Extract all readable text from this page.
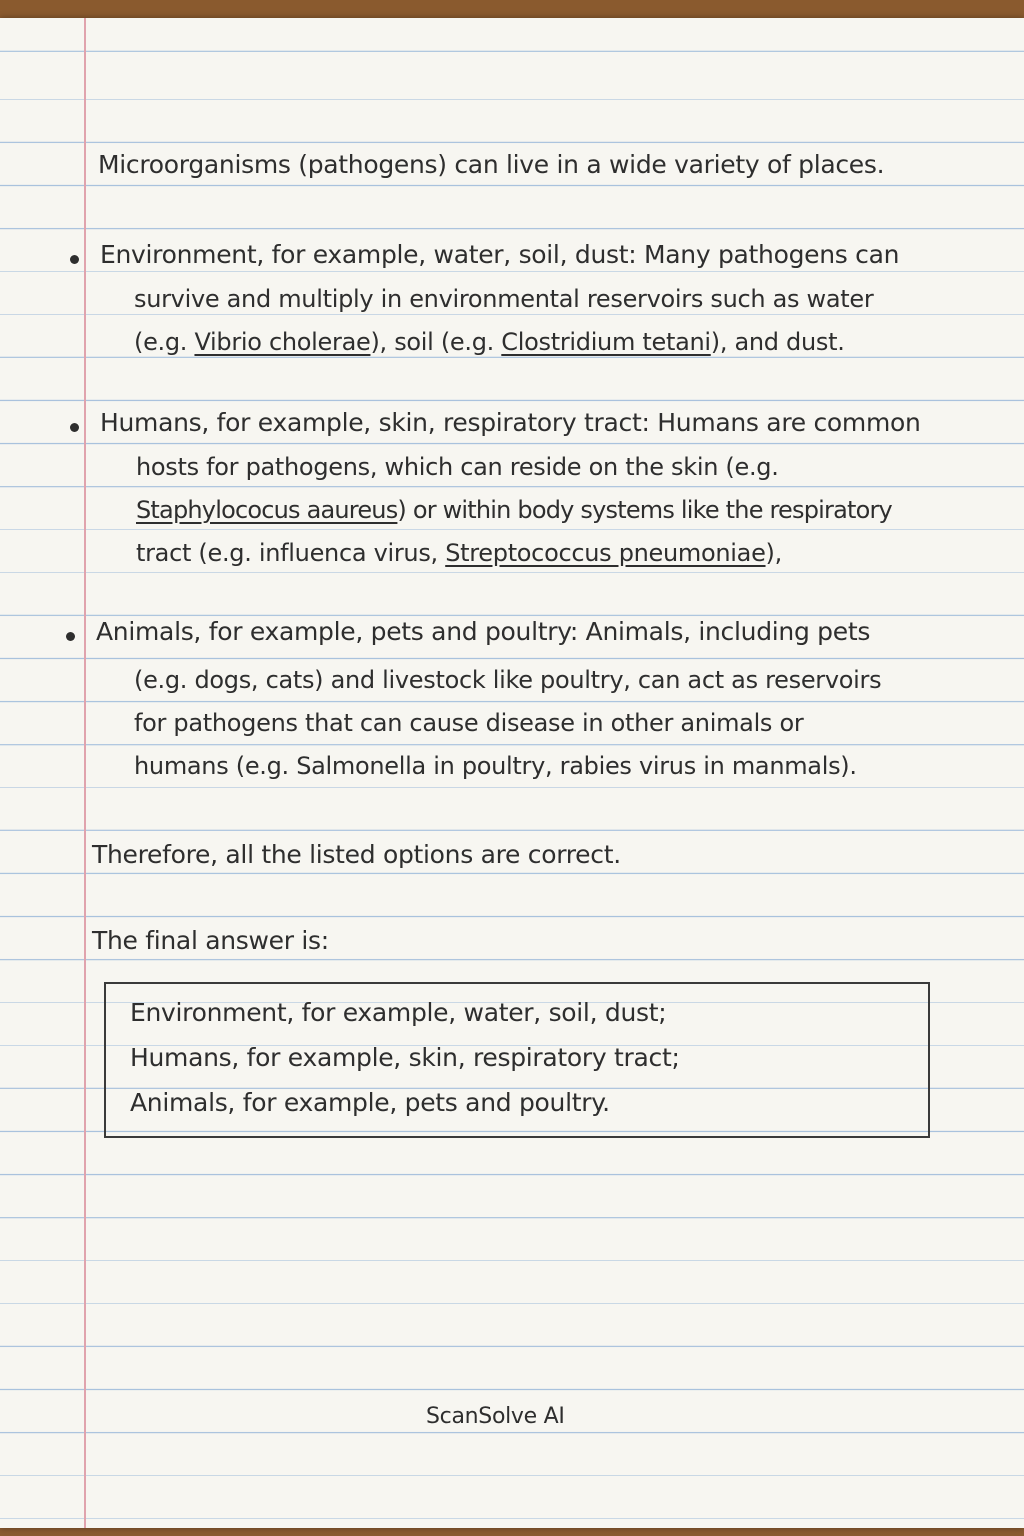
Microorganisms (pathogens) can live in a wide variety of places.
Environment, for example, water, soil, dust: Many pathogens can
survive and multiply in environmental reservoirs such as water
(e.g. Vibrio cholerae), soil (e.g. Clostridium tetani), and dust.
Humans, for example, skin, respiratory tract: Humans are common
hosts for pathogens, which can reside on the skin (e.g.
Staphylococus aaureus) or within body systems like the respiratory
tract (e.g. influenca virus, Streptococcus pneumoniae),
Animals, for example, pets and poultry: Animals, including pets
(e.g. dogs, cats) and livestock like poultry, can act as reservoirs
for pathogens that can cause disease in other animals or
humans (e.g. Salmonella in poultry, rabies virus in manmals).
Therefore, all the listed options are correct.
The final answer is:
Environment, for example, water, soil, dust;
Humans, for example, skin, respiratory tract;
Animals, for example, pets and poultry.
ScanSolve AI
